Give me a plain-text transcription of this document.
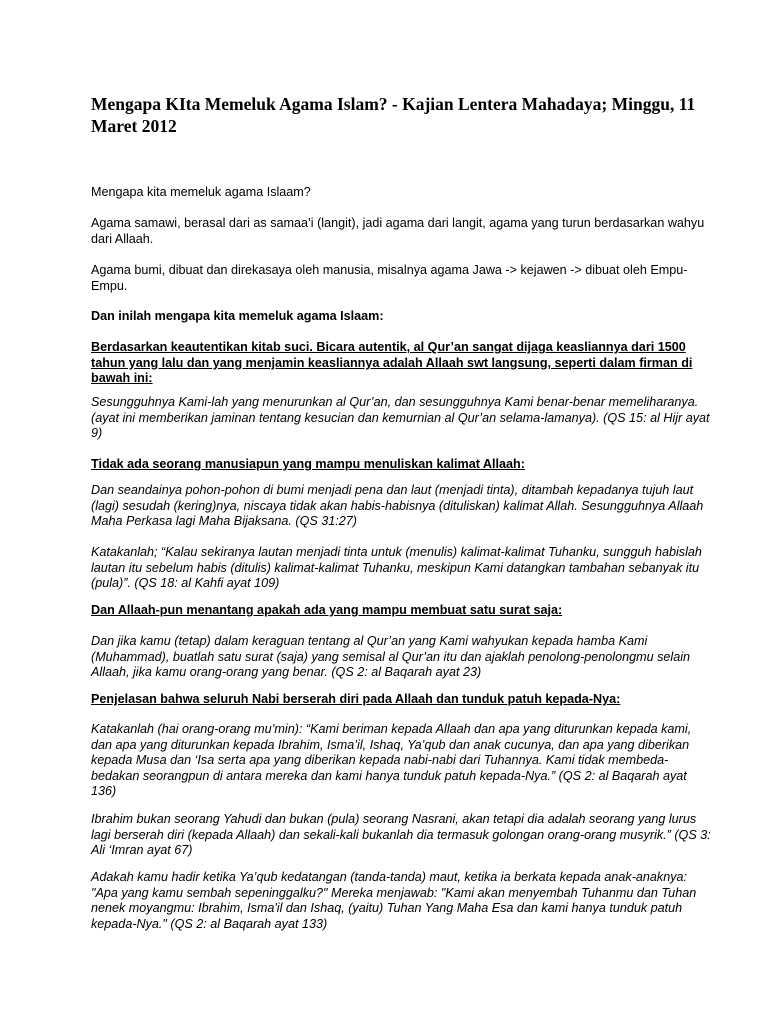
Mengapa KIta Memeluk Agama Islam? - Kajian Lentera Mahadaya; Minggu, 11 Maret 2012

Mengapa kita memeluk agama Islaam?

Agama samawi, berasal dari as samaa’i (langit), jadi agama dari langit, agama yang turun berdasarkan wahyu dari Allaah.

Agama bumi, dibuat dan direkasaya oleh manusia, misalnya agama Jawa -> kejawen -> dibuat oleh Empu-Empu.

Dan inilah mengapa kita memeluk agama Islaam:

Berdasarkan keautentikan kitab suci. Bicara autentik, al Qur’an sangat dijaga keasliannya dari 1500 tahun yang lalu dan yang menjamin keasliannya adalah Allaah swt langsung, seperti dalam firman di bawah ini:

Sesungguhnya Kami-lah yang menurunkan al Qur’an, dan sesungguhnya Kami benar-benar memeliharanya. (ayat ini memberikan jaminan tentang kesucian dan kemurnian al Qur’an selama-lamanya). (QS 15: al Hijr ayat 9)

Tidak ada seorang manusiapun yang mampu menuliskan kalimat Allaah:

Dan seandainya pohon-pohon di bumi menjadi pena dan laut (menjadi tinta), ditambah kepadanya tujuh laut (lagi) sesudah (kering)nya, niscaya tidak akan habis-habisnya (dituliskan) kalimat Allah. Sesungguhnya Allaah Maha Perkasa lagi Maha Bijaksana. (QS 31:27)

Katakanlah; “Kalau sekiranya lautan menjadi tinta untuk (menulis) kalimat-kalimat Tuhanku, sungguh habislah lautan itu sebelum habis (ditulis) kalimat-kalimat Tuhanku, meskipun Kami datangkan tambahan sebanyak itu (pula)”. (QS 18: al Kahfi ayat 109)

Dan Allaah-pun menantang apakah ada yang mampu membuat satu surat saja:

Dan jika kamu (tetap) dalam keraguan tentang al Qur’an yang Kami wahyukan kepada hamba Kami (Muhammad), buatlah satu surat (saja) yang semisal al Qur’an itu dan ajaklah penolong-penolongmu selain Allaah, jika kamu orang-orang yang benar. (QS 2: al Baqarah ayat 23)

Penjelasan bahwa seluruh Nabi berserah diri pada Allaah dan tunduk patuh kepada-Nya:

Katakanlah (hai orang-orang mu’min): “Kami beriman kepada Allaah dan apa yang diturunkan kepada kami, dan apa yang diturunkan kepada Ibrahim, Isma’il, Ishaq, Ya’qub dan anak cucunya, dan apa yang diberikan kepada Musa dan ‘Isa serta apa yang diberikan kepada nabi-nabi dari Tuhannya. Kami tidak membeda-bedakan seorangpun di antara mereka dan kami hanya tunduk patuh kepada-Nya.” (QS 2: al Baqarah ayat 136)

Ibrahim bukan seorang Yahudi dan bukan (pula) seorang Nasrani, akan tetapi dia adalah seorang yang lurus lagi berserah diri (kepada Allaah) dan sekali-kali bukanlah dia termasuk golongan orang-orang musyrik.” (QS 3: Ali ‘Imran ayat 67)

Adakah kamu hadir ketika Ya’qub kedatangan (tanda-tanda) maut, ketika ia berkata kepada anak-anaknya: "Apa yang kamu sembah sepeninggalku?" Mereka menjawab: "Kami akan menyembah Tuhanmu dan Tuhan nenek moyangmu: Ibrahim, Isma'il dan Ishaq, (yaitu) Tuhan Yang Maha Esa dan kami hanya tunduk patuh kepada-Nya." (QS 2: al Baqarah ayat 133)
